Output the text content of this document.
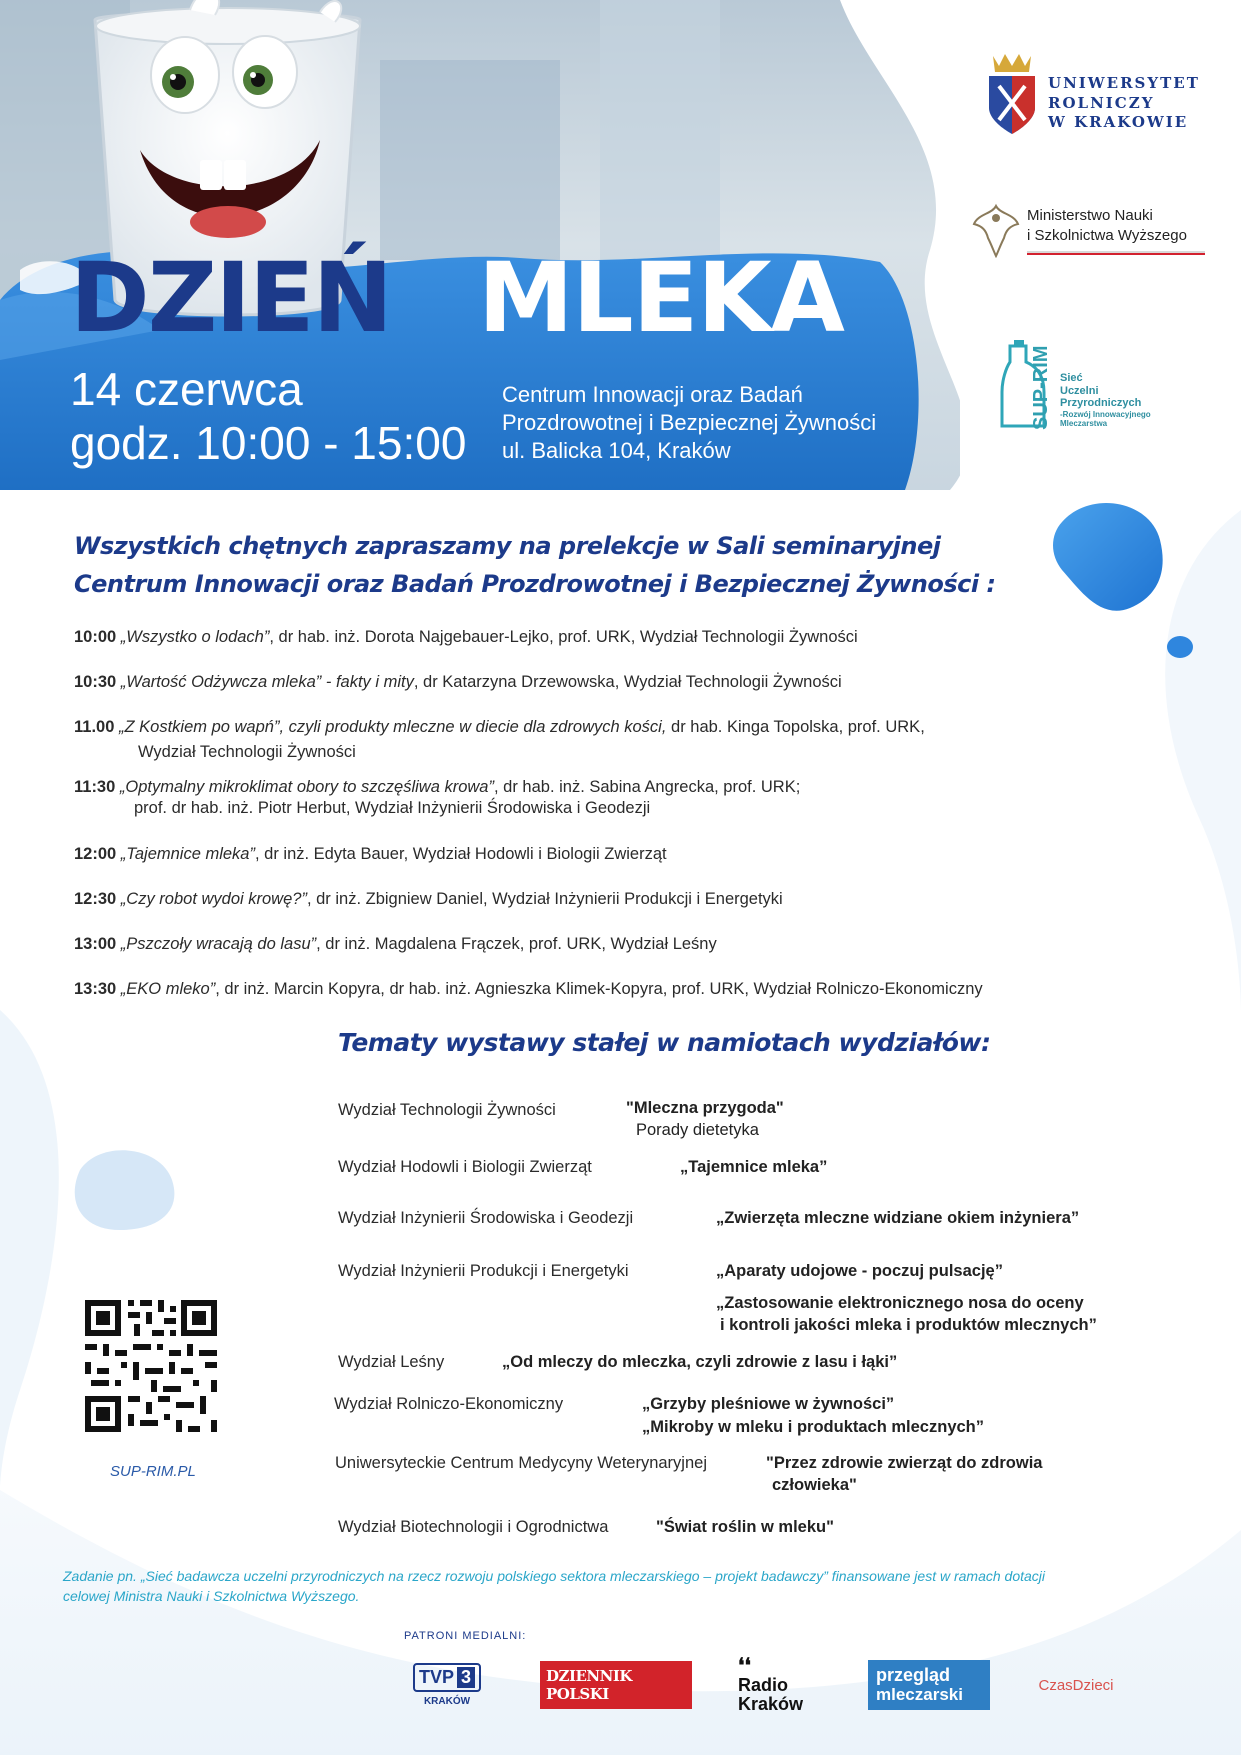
DZIEŃ MLEKA
14 czerwca
godz. 10:00 - 15:00
Centrum Innowacji oraz Badań
Prozdrowotnej i Bezpiecznej Żywności
ul. Balicka 104, Kraków
UNIWERSYTET
ROLNICZY
W KRAKOWIE
Ministerstwo Nauki
i Szkolnictwa Wyższego
SUP-RIM Sieć
Uczelni
Przyrodniczych
-Rozwój Innowacyjnego
Mleczarstwa
Wszystkich chętnych zapraszamy na prelekcje w Sali seminaryjnej
Centrum Innowacji oraz Badań Prozdrowotnej i Bezpiecznej Żywności :
10:00 „Wszystko o lodach”, dr hab. inż. Dorota Najgebauer-Lejko, prof. URK, Wydział Technologii Żywności
10:30 „Wartość Odżywcza mleka” - fakty i mity, dr Katarzyna Drzewowska, Wydział Technologii Żywności
11.00 „Z Kostkiem po wapń”, czyli produkty mleczne w diecie dla zdrowych kości, dr hab. Kinga Topolska, prof. URK,
Wydział Technologii Żywności
11:30 „Optymalny mikroklimat obory to szczęśliwa krowa”, dr hab. inż. Sabina Angrecka, prof. URK;
prof. dr hab. inż. Piotr Herbut, Wydział Inżynierii Środowiska i Geodezji
12:00 „Tajemnice mleka”, dr inż. Edyta Bauer, Wydział Hodowli i Biologii Zwierząt
12:30 „Czy robot wydoi krowę?”, dr inż. Zbigniew Daniel, Wydział Inżynierii Produkcji i Energetyki
13:00 „Pszczoły wracają do lasu”, dr inż. Magdalena Frączek, prof. URK, Wydział Leśny
13:30 „EKO mleko”, dr inż. Marcin Kopyra, dr hab. inż. Agnieszka Klimek-Kopyra, prof. URK, Wydział Rolniczo-Ekonomiczny
Tematy wystawy stałej w namiotach wydziałów:
Wydział Technologii Żywności	"Mleczna przygoda"
Porady dietetyka
Wydział Hodowli i Biologii Zwierząt	„Tajemnice mleka”
Wydział Inżynierii Środowiska i Geodezji	„Zwierzęta mleczne widziane okiem inżyniera”
Wydział Inżynierii Produkcji i Energetyki	„Aparaty udojowe - poczuj pulsację”
„Zastosowanie elektronicznego nosa do oceny
i kontroli jakości mleka i produktów mlecznych”
Wydział Leśny	„Od mleczy do mleczka, czyli zdrowie z lasu i łąki”
Wydział Rolniczo-Ekonomiczny	„Grzyby pleśniowe w żywności”
„Mikroby w mleku i produktach mlecznych”
Uniwersyteckie Centrum Medycyny Weterynaryjnej	"Przez zdrowie zwierząt do zdrowia
człowieka"
Wydział Biotechnologii i Ogrodnictwa	"Świat roślin w mleku"
SUP-RIM.PL
Zadanie pn. „Sieć badawcza uczelni przyrodniczych na rzecz rozwoju polskiego sektora mleczarskiego – projekt badawczy” finansowane jest w ramach dotacji
celowej Ministra Nauki i Szkolnictwa Wyższego.
PATRONI MEDIALNI:
TVP 3
KRAKÓW
DZIENNIK POLSKI
❛❛
Radio
Kraków
przegląd
mleczarski	CzasDzieci
